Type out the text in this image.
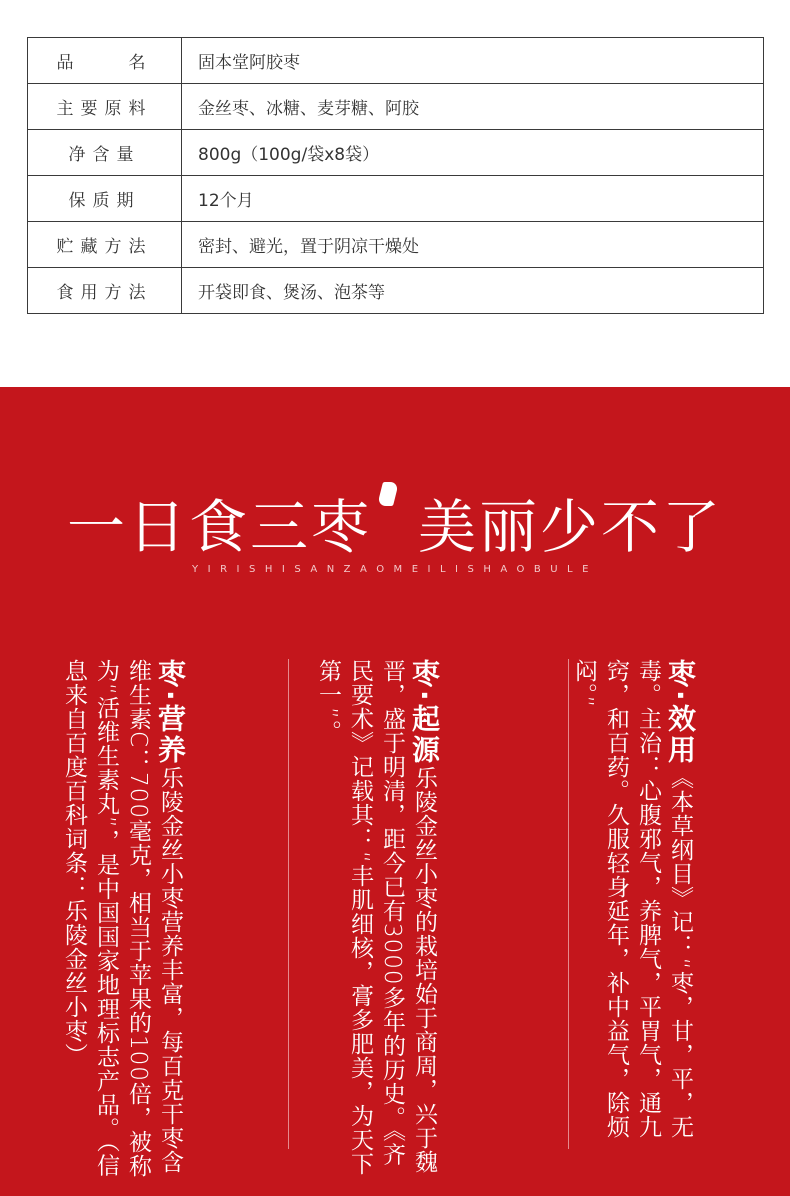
品　　名	固本堂阿胶枣
主要原料	金丝枣、冰糖、麦芽糖、阿胶
净含量	800g（100g/袋x8袋）
保质期	12个月
贮藏方法	密封、避光，置于阴凉干燥处
食用方法	开袋即食、煲汤、泡茶等
一日食三枣 美丽少不了
YIRISHISANZAOMEILISHAOBULE
枣·效用《本草纲目》记：“枣，甘，平，无毒。主治：心腹邪气，养脾气，平胃气，通九窍，和百药。久服轻身延年，补中益气，除烦闷。”
枣·起源乐陵金丝小枣的栽培始于商周，兴于魏晋，盛于明清，距今已有3000多年的历史。《齐民要术》记载其：“丰肌细核，膏多肥美，为天下第一”。
枣·营养乐陵金丝小枣营养丰富，每百克干枣含维生素C：700毫克，相当于苹果的100倍，被称为“活维生素丸”，是中国国家地理标志产品。（信息来自百度百科词条：乐陵金丝小枣）
